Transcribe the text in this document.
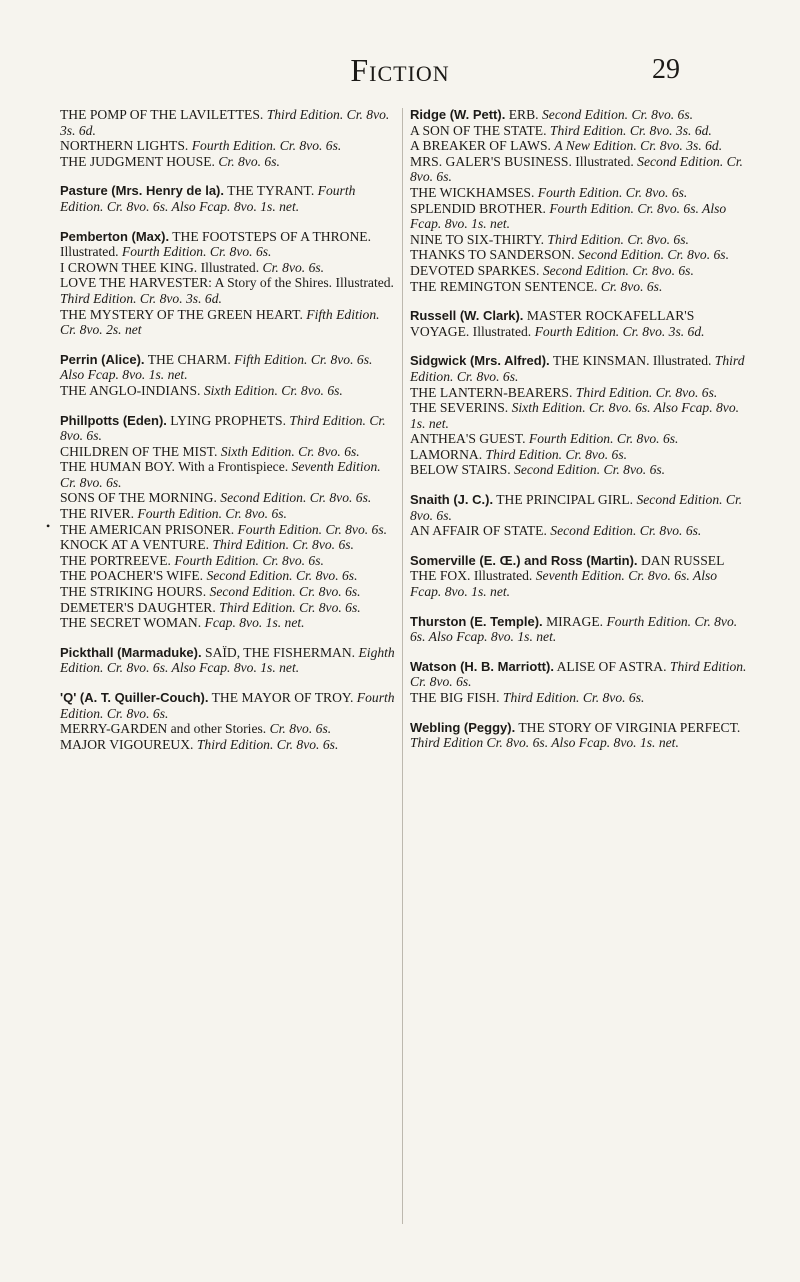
Fiction	29
•

THE POMP OF THE LAVILETTES. Third Edition. Cr. 8vo. 3s. 6d.

NORTHERN LIGHTS. Fourth Edition. Cr. 8vo. 6s.

THE JUDGMENT HOUSE. Cr. 8vo. 6s.

Pasture (Mrs. Henry de la). THE TYRANT. Fourth Edition. Cr. 8vo. 6s. Also Fcap. 8vo. 1s. net.

Pemberton (Max). THE FOOTSTEPS OF A THRONE. Illustrated. Fourth Edition. Cr. 8vo. 6s.

I CROWN THEE KING. Illustrated. Cr. 8vo. 6s.

LOVE THE HARVESTER: A Story of the Shires. Illustrated. Third Edition. Cr. 8vo. 3s. 6d.

THE MYSTERY OF THE GREEN HEART. Fifth Edition. Cr. 8vo. 2s. net

Perrin (Alice). THE CHARM. Fifth Edition. Cr. 8vo. 6s. Also Fcap. 8vo. 1s. net.

THE ANGLO-INDIANS. Sixth Edition. Cr. 8vo. 6s.

Phillpotts (Eden). LYING PROPHETS. Third Edition. Cr. 8vo. 6s.

CHILDREN OF THE MIST. Sixth Edition. Cr. 8vo. 6s.

THE HUMAN BOY. With a Frontispiece. Seventh Edition. Cr. 8vo. 6s.

SONS OF THE MORNING. Second Edition. Cr. 8vo. 6s.

THE RIVER. Fourth Edition. Cr. 8vo. 6s.

THE AMERICAN PRISONER. Fourth Edition. Cr. 8vo. 6s.

KNOCK AT A VENTURE. Third Edition. Cr. 8vo. 6s.

THE PORTREEVE. Fourth Edition. Cr. 8vo. 6s.

THE POACHER'S WIFE. Second Edition. Cr. 8vo. 6s.

THE STRIKING HOURS. Second Edition. Cr. 8vo. 6s.

DEMETER'S DAUGHTER. Third Edition. Cr. 8vo. 6s.

THE SECRET WOMAN. Fcap. 8vo. 1s. net.

Pickthall (Marmaduke). SAÏD, THE FISHERMAN. Eighth Edition. Cr. 8vo. 6s. Also Fcap. 8vo. 1s. net.

'Q' (A. T. Quiller-Couch). THE MAYOR OF TROY. Fourth Edition. Cr. 8vo. 6s.

MERRY-GARDEN and other Stories. Cr. 8vo. 6s.

MAJOR VIGOUREUX. Third Edition. Cr. 8vo. 6s.

Ridge (W. Pett). ERB. Second Edition. Cr. 8vo. 6s.

A SON OF THE STATE. Third Edition. Cr. 8vo. 3s. 6d.

A BREAKER OF LAWS. A New Edition. Cr. 8vo. 3s. 6d.

MRS. GALER'S BUSINESS. Illustrated. Second Edition. Cr. 8vo. 6s.

THE WICKHAMSES. Fourth Edition. Cr. 8vo. 6s.

SPLENDID BROTHER. Fourth Edition. Cr. 8vo. 6s. Also Fcap. 8vo. 1s. net.

NINE TO SIX-THIRTY. Third Edition. Cr. 8vo. 6s.

THANKS TO SANDERSON. Second Edition. Cr. 8vo. 6s.

DEVOTED SPARKES. Second Edition. Cr. 8vo. 6s.

THE REMINGTON SENTENCE. Cr. 8vo. 6s.

Russell (W. Clark). MASTER ROCKAFELLAR'S VOYAGE. Illustrated. Fourth Edition. Cr. 8vo. 3s. 6d.

Sidgwick (Mrs. Alfred). THE KINSMAN. Illustrated. Third Edition. Cr. 8vo. 6s.

THE LANTERN-BEARERS. Third Edition. Cr. 8vo. 6s.

THE SEVERINS. Sixth Edition. Cr. 8vo. 6s. Also Fcap. 8vo. 1s. net.

ANTHEA'S GUEST. Fourth Edition. Cr. 8vo. 6s.

LAMORNA. Third Edition. Cr. 8vo. 6s.

BELOW STAIRS. Second Edition. Cr. 8vo. 6s.

Snaith (J. C.). THE PRINCIPAL GIRL. Second Edition. Cr. 8vo. 6s.

AN AFFAIR OF STATE. Second Edition. Cr. 8vo. 6s.

Somerville (E. Œ.) and Ross (Martin). DAN RUSSEL THE FOX. Illustrated. Seventh Edition. Cr. 8vo. 6s. Also Fcap. 8vo. 1s. net.

Thurston (E. Temple). MIRAGE. Fourth Edition. Cr. 8vo. 6s. Also Fcap. 8vo. 1s. net.

Watson (H. B. Marriott). ALISE OF ASTRA. Third Edition. Cr. 8vo. 6s.

THE BIG FISH. Third Edition. Cr. 8vo. 6s.

Webling (Peggy). THE STORY OF VIRGINIA PERFECT. Third Edition Cr. 8vo. 6s. Also Fcap. 8vo. 1s. net.
